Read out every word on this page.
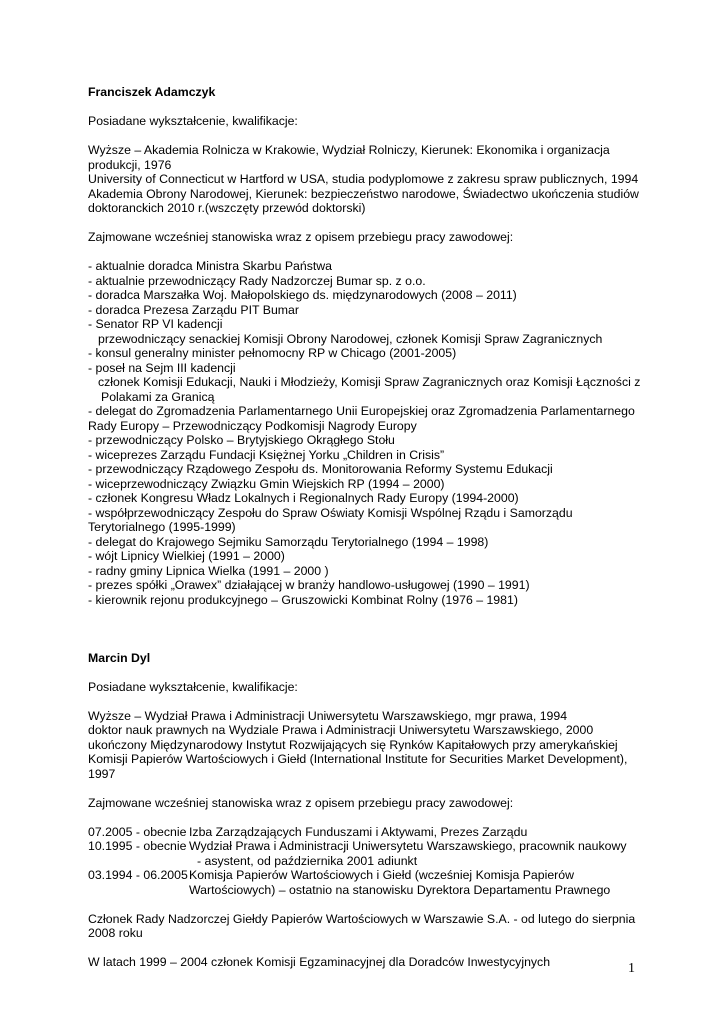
Franciszek Adamczyk

Posiadane wykształcenie, kwalifikacje:

Wyższe – Akademia Rolnicza w Krakowie, Wydział Rolniczy, Kierunek: Ekonomika i organizacja

produkcji, 1976

University of Connecticut w Hartford w USA, studia podyplomowe z zakresu spraw publicznych, 1994

Akademia Obrony Narodowej, Kierunek: bezpieczeństwo narodowe, Świadectwo ukończenia studiów

doktoranckich 2010 r.(wszczęty przewód doktorski)

Zajmowane wcześniej stanowiska wraz z opisem przebiegu pracy zawodowej:

- aktualnie doradca Ministra Skarbu Państwa

- aktualnie przewodniczący Rady Nadzorczej Bumar sp. z o.o.

- doradca Marszałka Woj. Małopolskiego ds. międzynarodowych (2008 – 2011)

- doradca Prezesa Zarządu PIT Bumar

- Senator RP VI kadencji

przewodniczący senackiej Komisji Obrony Narodowej, członek Komisji Spraw Zagranicznych

- konsul generalny minister pełnomocny RP w Chicago (2001-2005)

- poseł na Sejm III kadencji

członek Komisji Edukacji, Nauki i Młodzieży, Komisji Spraw Zagranicznych oraz Komisji Łączności z

Polakami za Granicą

- delegat do Zgromadzenia Parlamentarnego Unii Europejskiej oraz Zgromadzenia Parlamentarnego

Rady Europy – Przewodniczący Podkomisji Nagrody Europy

- przewodniczący Polsko – Brytyjskiego Okrągłego Stołu

- wiceprezes Zarządu Fundacji Księżnej Yorku „Children in Crisis”

- przewodniczący Rządowego Zespołu ds. Monitorowania Reformy Systemu Edukacji

- wiceprzewodniczący Związku Gmin Wiejskich RP (1994 – 2000)

- członek Kongresu Władz Lokalnych i Regionalnych Rady Europy (1994-2000)

- współprzewodniczący Zespołu do Spraw Oświaty Komisji Wspólnej Rządu i Samorządu

Terytorialnego (1995-1999)

- delegat do Krajowego Sejmiku Samorządu Terytorialnego (1994 – 1998)

- wójt Lipnicy Wielkiej (1991 – 2000)

- radny gminy Lipnica Wielka (1991 – 2000 )

- prezes spółki „Orawex” działającej w branży handlowo-usługowej (1990 – 1991)

- kierownik rejonu produkcyjnego – Gruszowicki Kombinat Rolny (1976 – 1981)

Marcin Dyl

Posiadane wykształcenie, kwalifikacje:

Wyższe – Wydział Prawa i Administracji Uniwersytetu Warszawskiego, mgr prawa, 1994

doktor nauk prawnych na Wydziale Prawa i Administracji Uniwersytetu Warszawskiego, 2000

ukończony Międzynarodowy Instytut Rozwijających się Rynków Kapitałowych przy amerykańskiej

Komisji Papierów Wartościowych i Giełd (International Institute for Securities Market Development),

1997

Zajmowane wcześniej stanowiska wraz z opisem przebiegu pracy zawodowej:

07.2005 - obecnie Izba Zarządzających Funduszami i Aktywami, Prezes Zarządu
10.1995 - obecnie Wydział Prawa i Administracji Uniwersytetu Warszawskiego, pracownik naukowy
- asystent, od października 2001 adiunkt
03.1994 - 06.2005 Komisja Papierów Wartościowych i Giełd (wcześniej Komisja Papierów
Wartościowych) – ostatnio na stanowisku Dyrektora Departamentu Prawnego

Członek Rady Nadzorczej Giełdy Papierów Wartościowych w Warszawie S.A. - od lutego do sierpnia

2008 roku

W latach 1999 – 2004 członek Komisji Egzaminacyjnej dla Doradców Inwestycyjnych	1
